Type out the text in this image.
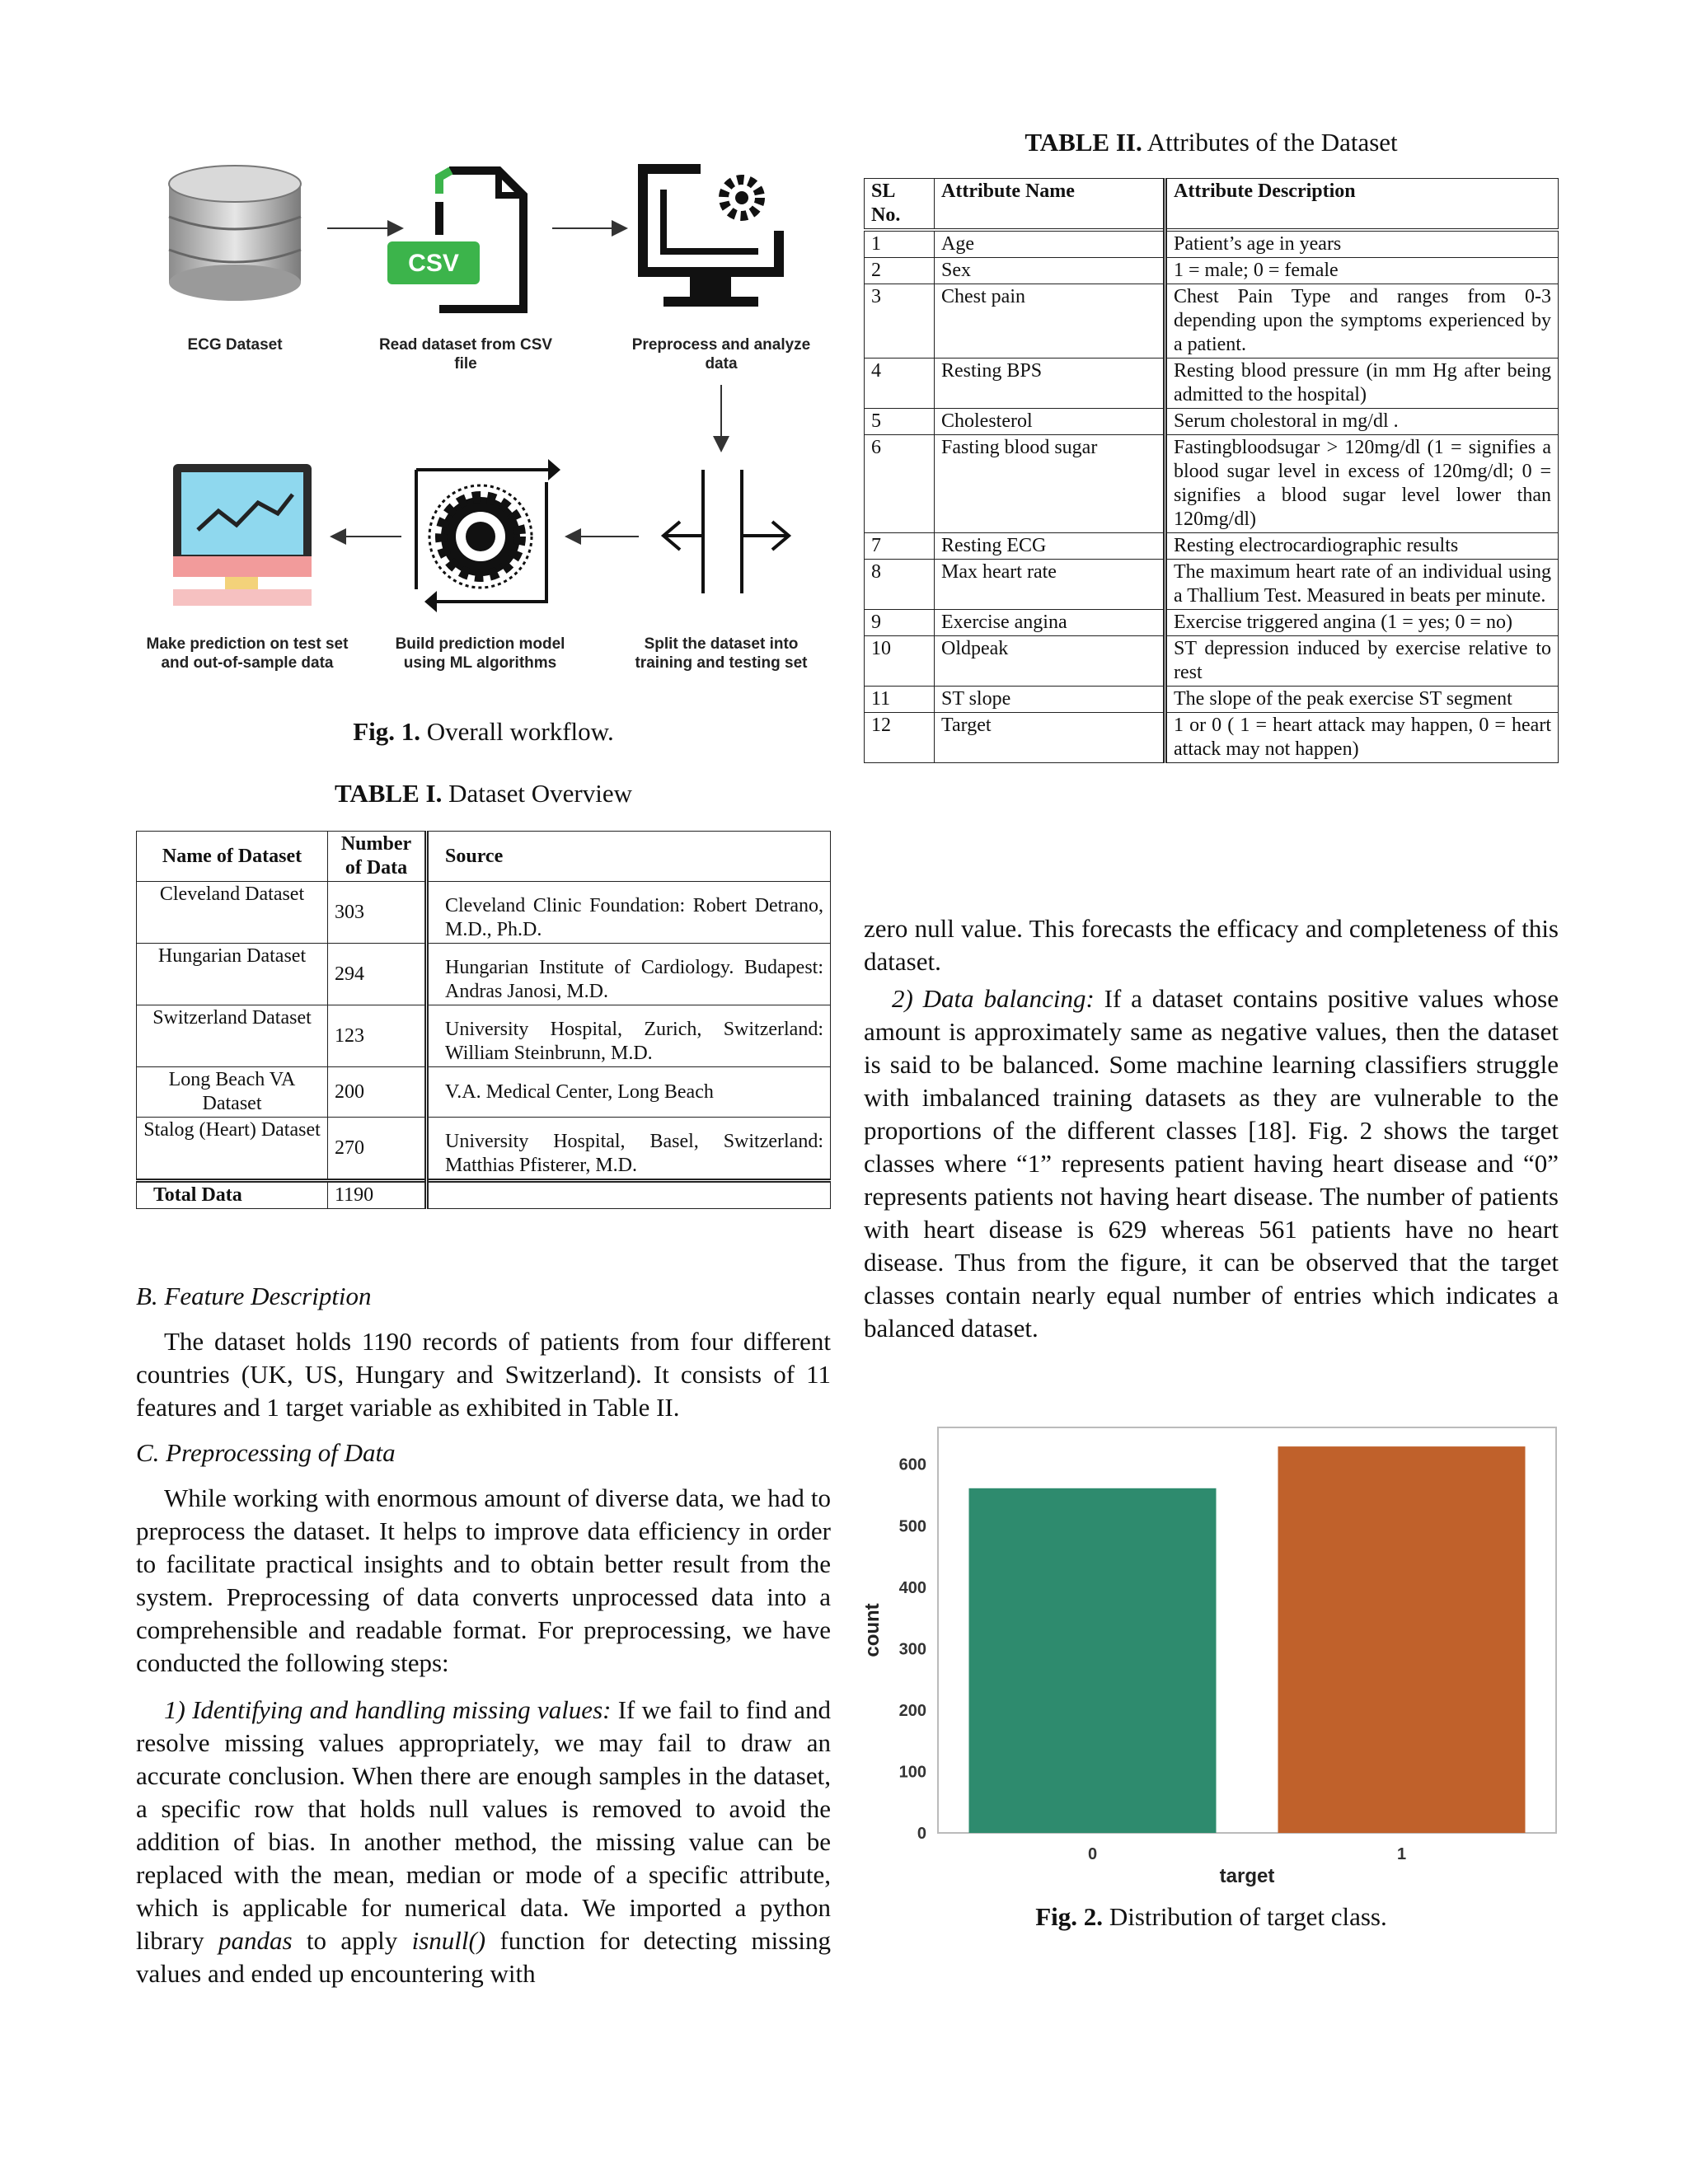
CSV
ECG Dataset	Read dataset from CSV file
Preprocess and analyze data
Split the dataset into training and testing set
Build prediction model using ML algorithms
Make prediction on test set and out-of-sample data
Fig. 1. Overall workflow.
TABLE I. Dataset Overview
Name of Dataset	Number of Data	Source
Cleveland Dataset	303	Cleveland Clinic Foundation: Robert Detrano, M.D., Ph.D.
Hungarian Dataset	294	Hungarian Institute of Cardiology. Budapest: Andras Janosi, M.D.
Switzerland Dataset	123	University Hospital, Zurich, Switzerland: William Steinbrunn, M.D.
Long Beach VA Dataset	200	V.A. Medical Center, Long Beach
Stalog (Heart) Dataset	270	University Hospital, Basel, Switzerland: Matthias Pfisterer, M.D.
Total Data	1190	
B. Feature Description
The dataset holds 1190 records of patients from four different countries (UK, US, Hungary and Switzerland). It consists of 11 features and 1 target variable as exhibited in Table II.
C. Preprocessing of Data
While working with enormous amount of diverse data, we had to preprocess the dataset. It helps to improve data efficiency in order to facilitate practical insights and to obtain better result from the system. Preprocessing of data converts unprocessed data into a comprehensible and readable format. For preprocessing, we have conducted the following steps:
1) Identifying and handling missing values: If we fail to find and resolve missing values appropriately, we may fail to draw an accurate conclusion. When there are enough samples in the dataset, a specific row that holds null values is removed to avoid the addition of bias. In another method, the missing value can be replaced with the mean, median or mode of a specific attribute, which is applicable for numerical data. We imported a python library pandas to apply isnull() function for detecting missing values and ended up encountering with
TABLE II. Attributes of the Dataset
SL No.	Attribute Name	Attribute Description
1	Age	Patient’s age in years
2	Sex	1 = male; 0 = female
3	Chest pain	Chest Pain Type and ranges from 0-3 depending upon the symptoms experienced by a patient.
4	Resting BPS	Resting blood pressure (in mm Hg after being admitted to the hospital)
5	Cholesterol	Serum cholestoral in mg/dl .
6	Fasting blood sugar	Fastingbloodsugar > 120mg/dl (1 = signifies a blood sugar level in excess of 120mg/dl; 0 = signifies a blood sugar level lower than 120mg/dl)
7	Resting ECG	Resting electrocardiographic results
8	Max heart rate	The maximum heart rate of an individual using a Thallium Test. Measured in beats per minute.
9	Exercise angina	Exercise triggered angina (1 = yes; 0 = no)
10	Oldpeak	ST depression induced by exercise relative to rest
11	ST slope	The slope of the peak exercise ST segment
12	Target	1 or 0 ( 1 = heart attack may happen, 0 = heart attack may not happen)
zero null value. This forecasts the efficacy and completeness of this dataset.
2) Data balancing: If a dataset contains positive values whose amount is approximately same as negative values, then the dataset is said to be balanced. Some machine learning classifiers struggle with imbalanced training datasets as they are vulnerable to the proportions of the different classes [18]. Fig. 2 shows the target classes where “1” represents patient having heart disease and “0” represents patients not having heart disease. The number of patients with heart disease is 629 whereas 561 patients have no heart disease. Thus from the figure, it can be observed that the target classes contain nearly equal number of entries which indicates a balanced dataset.
0
100
200
300
400
500
600
0	1
target
count
Fig. 2. Distribution of target class.
